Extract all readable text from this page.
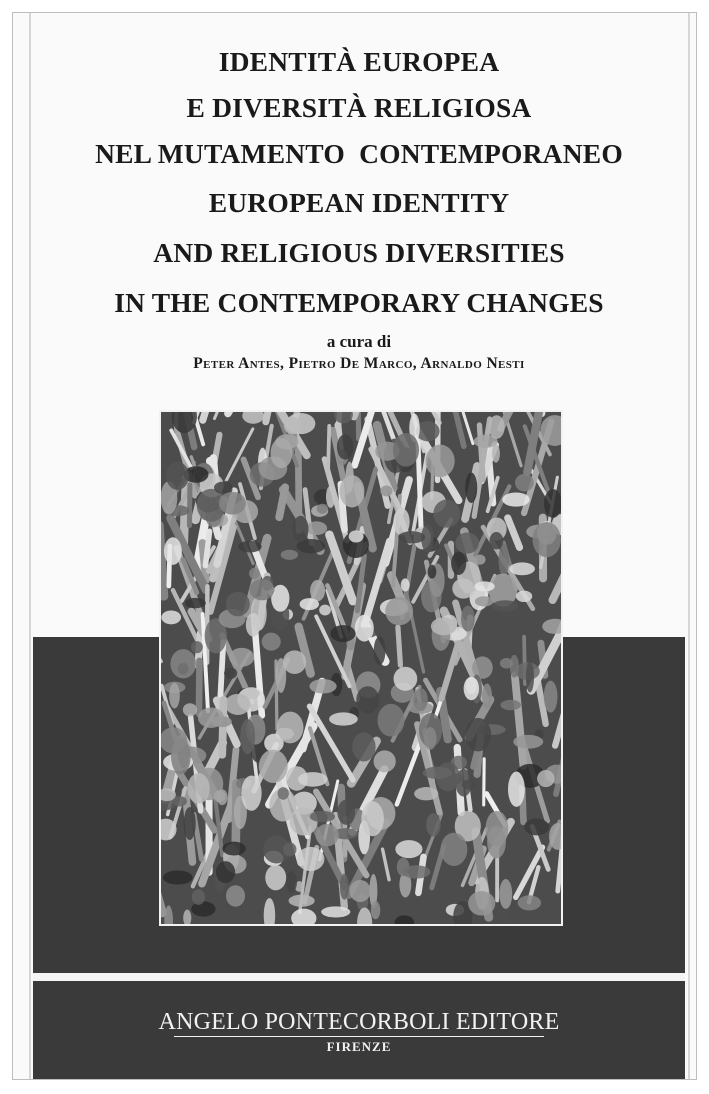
IDENTITÀ EUROPEA
E DIVERSITÀ RELIGIOSA
NEL MUTAMENTO  CONTEMPORANEO
EUROPEAN IDENTITY
AND RELIGIOUS DIVERSITIES
IN THE CONTEMPORARY CHANGES
a cura di
Peter Antes, Pietro De Marco, Arnaldo Nesti
ANGELO PONTECORBOLI EDITORE
FIRENZE
